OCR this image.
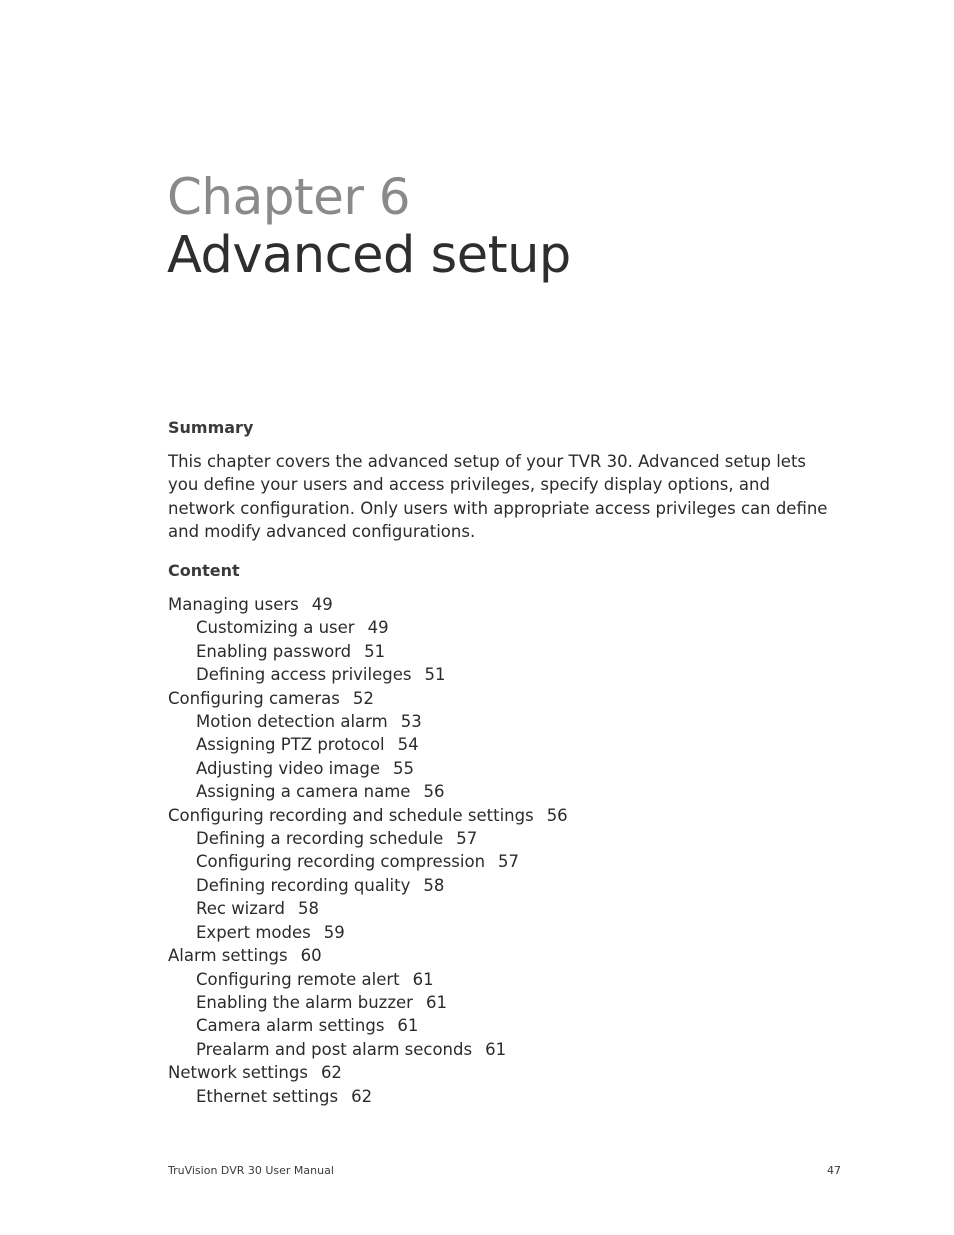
Chapter 6
Advanced setup
Summary

This chapter covers the advanced setup of your TVR 30. Advanced setup lets you define your users and access privileges, specify display options, and network configuration. Only users with appropriate access privileges can define and modify advanced configurations.

Content
Managing users 49
Customizing a user 49
Enabling password 51
Defining access privileges 51
Configuring cameras 52
Motion detection alarm 53
Assigning PTZ protocol 54
Adjusting video image 55
Assigning a camera name 56
Configuring recording and schedule settings 56
Defining a recording schedule 57
Configuring recording compression 57
Defining recording quality 58
Rec wizard 58
Expert modes 59
Alarm settings 60
Configuring remote alert 61
Enabling the alarm buzzer 61
Camera alarm settings 61
Prealarm and post alarm seconds 61
Network settings 62
Ethernet settings 62
TruVision DVR 30 User Manual	47
